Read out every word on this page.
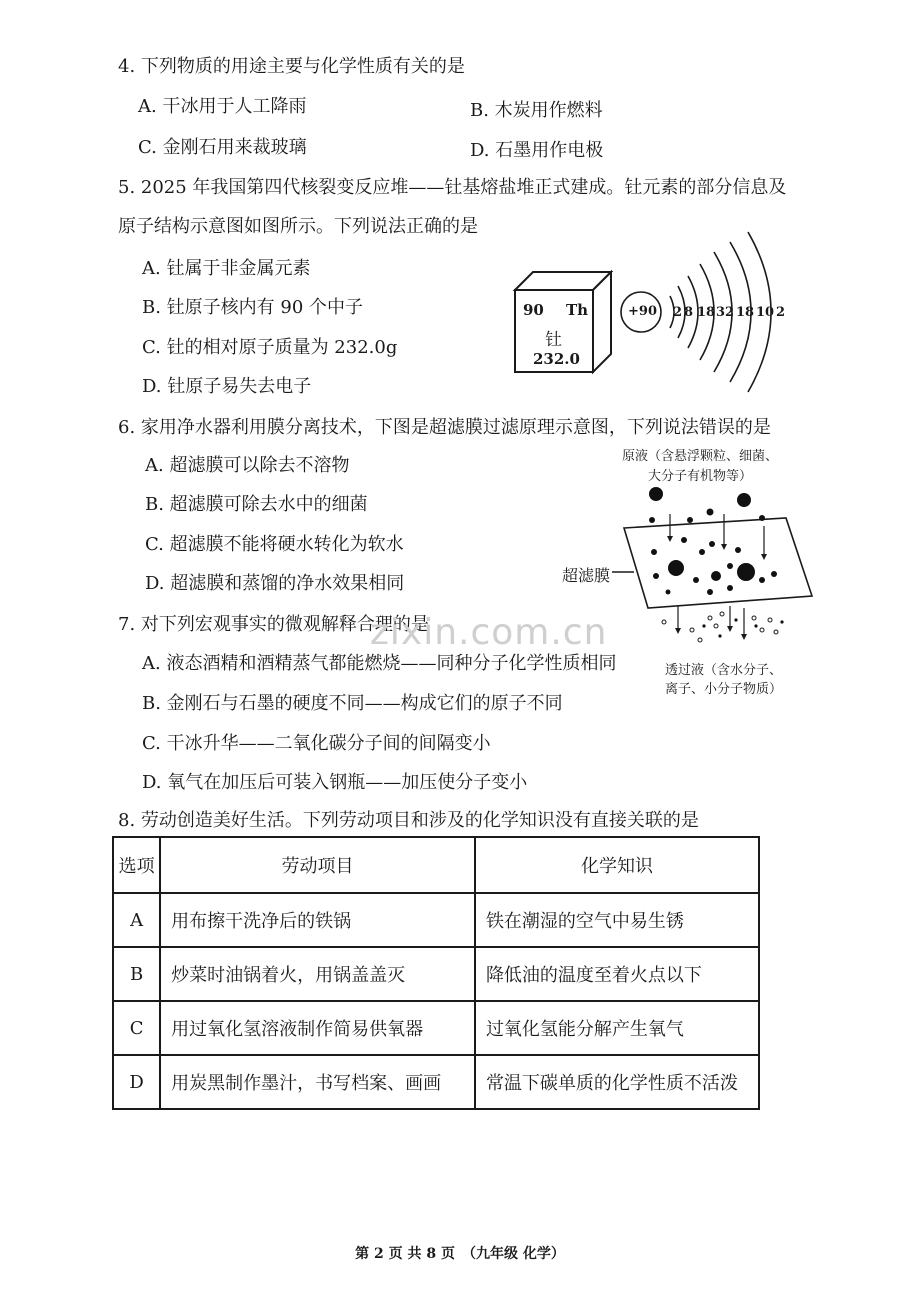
4. 下列物质的用途主要与化学性质有关的是
A. 干冰用于人工降雨	B. 木炭用作燃料
C. 金刚石用来裁玻璃	D. 石墨用作电极
5. 2025 年我国第四代核裂变反应堆——钍基熔盐堆正式建成。钍元素的部分信息及
原子结构示意图如图所示。下列说法正确的是
A. 钍属于非金属元素
B. 钍原子核内有 90 个中子
C. 钍的相对原子质量为 232.0g
D. 钍原子易失去电子
90 Th
钍
232.0
+90 2 8 18 32 18 10 2
6. 家用净水器利用膜分离技术，下图是超滤膜过滤原理示意图，下列说法错误的是
A. 超滤膜可以除去不溶物
B. 超滤膜可除去水中的细菌
C. 超滤膜不能将硬水转化为软水
D. 超滤膜和蒸馏的净水效果相同
原液（含悬浮颗粒、细菌、
大分子有机物等）
超滤膜
透过液（含水分子、
离子、小分子物质）
7. 对下列宏观事实的微观解释合理的是
A. 液态酒精和酒精蒸气都能燃烧——同种分子化学性质相同
B. 金刚石与石墨的硬度不同——构成它们的原子不同
C. 干冰升华——二氧化碳分子间的间隔变小
D. 氧气在加压后可装入钢瓶——加压使分子变小
zixin.com.cn
8. 劳动创造美好生活。下列劳动项目和涉及的化学知识没有直接关联的是
选项	劳动项目	化学知识
A	用布擦干洗净后的铁锅	铁在潮湿的空气中易生锈
B	炒菜时油锅着火，用锅盖盖灭	降低油的温度至着火点以下
C	用过氧化氢溶液制作简易供氧器	过氧化氢能分解产生氧气
D	用炭黑制作墨汁，书写档案、画画	常温下碳单质的化学性质不活泼
第 2 页 共 8 页　（九年级 化学）
